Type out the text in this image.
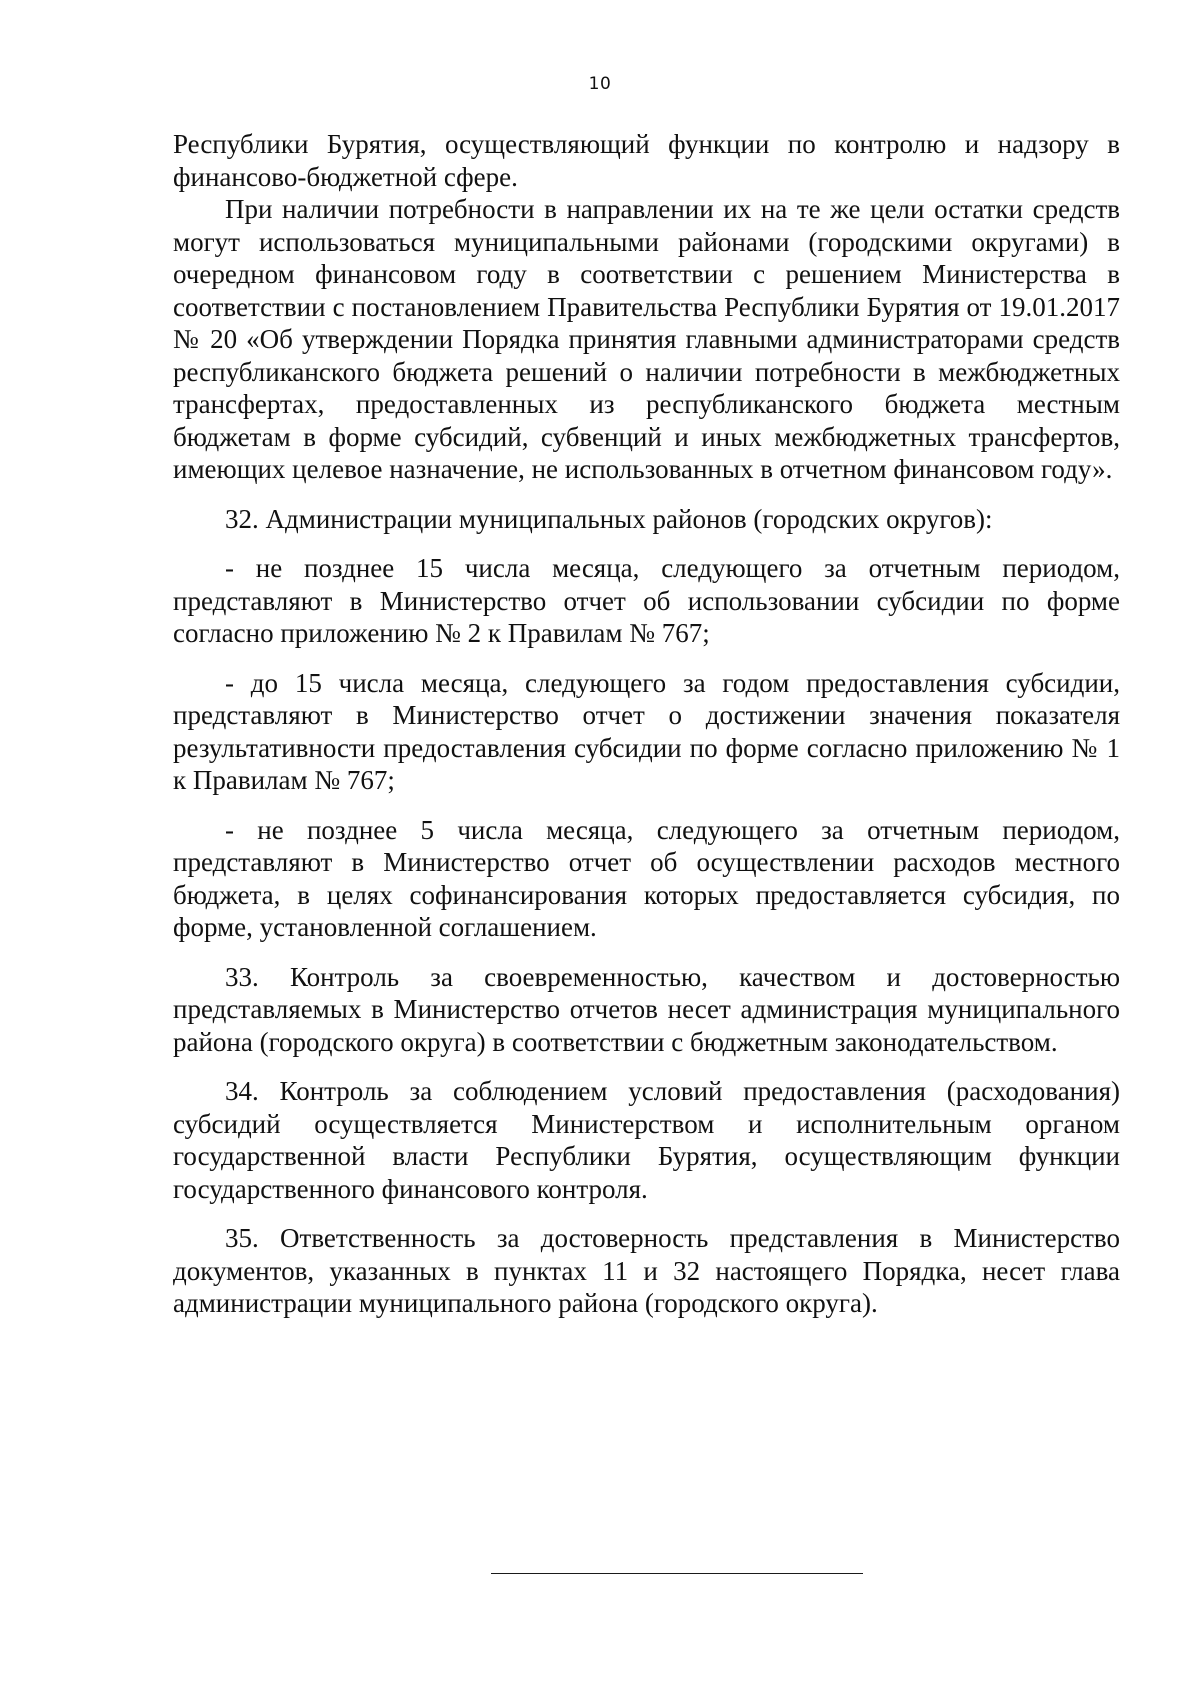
10

Республики Бурятия, осуществляющий функции по контролю и надзору в финансово-бюджетной сфере.

При наличии потребности в направлении их на те же цели остатки средств могут использоваться муниципальными районами (городскими округами) в очередном финансовом году в соответствии с решением Министерства в соответствии с постановлением Правительства Республики Бурятия от 19.01.2017 № 20 «Об утверждении Порядка принятия главными администраторами средств республиканского бюджета решений о наличии потребности в межбюджетных трансфертах, предоставленных из республиканского бюджета местным бюджетам в форме субсидий, субвенций и иных межбюджетных трансфертов, имеющих целевое назначение, не использованных в отчетном финансовом году».

32. Администрации муниципальных районов (городских округов):

- не позднее 15 числа месяца, следующего за отчетным периодом, представляют в Министерство отчет об использовании субсидии по форме согласно приложению № 2 к Правилам № 767;

- до 15 числа месяца, следующего за годом предоставления субсидии, представляют в Министерство отчет о достижении значения показателя результативности предоставления субсидии по форме согласно приложению № 1 к Правилам № 767;

- не позднее 5 числа месяца, следующего за отчетным периодом, представляют в Министерство отчет об осуществлении расходов местного бюджета, в целях софинансирования которых предоставляется субсидия, по форме, установленной соглашением.

33. Контроль за своевременностью, качеством и достоверностью представляемых в Министерство отчетов несет администрация муниципального района (городского округа) в соответствии с бюджетным законодательством.

34. Контроль за соблюдением условий предоставления (расходования) субсидий осуществляется Министерством и исполнительным органом государственной власти Республики Бурятия, осуществляющим функции государственного финансового контроля.

35. Ответственность за достоверность представления в Министерство документов, указанных в пунктах 11 и 32 настоящего Порядка, несет глава администрации муниципального района (городского округа).
